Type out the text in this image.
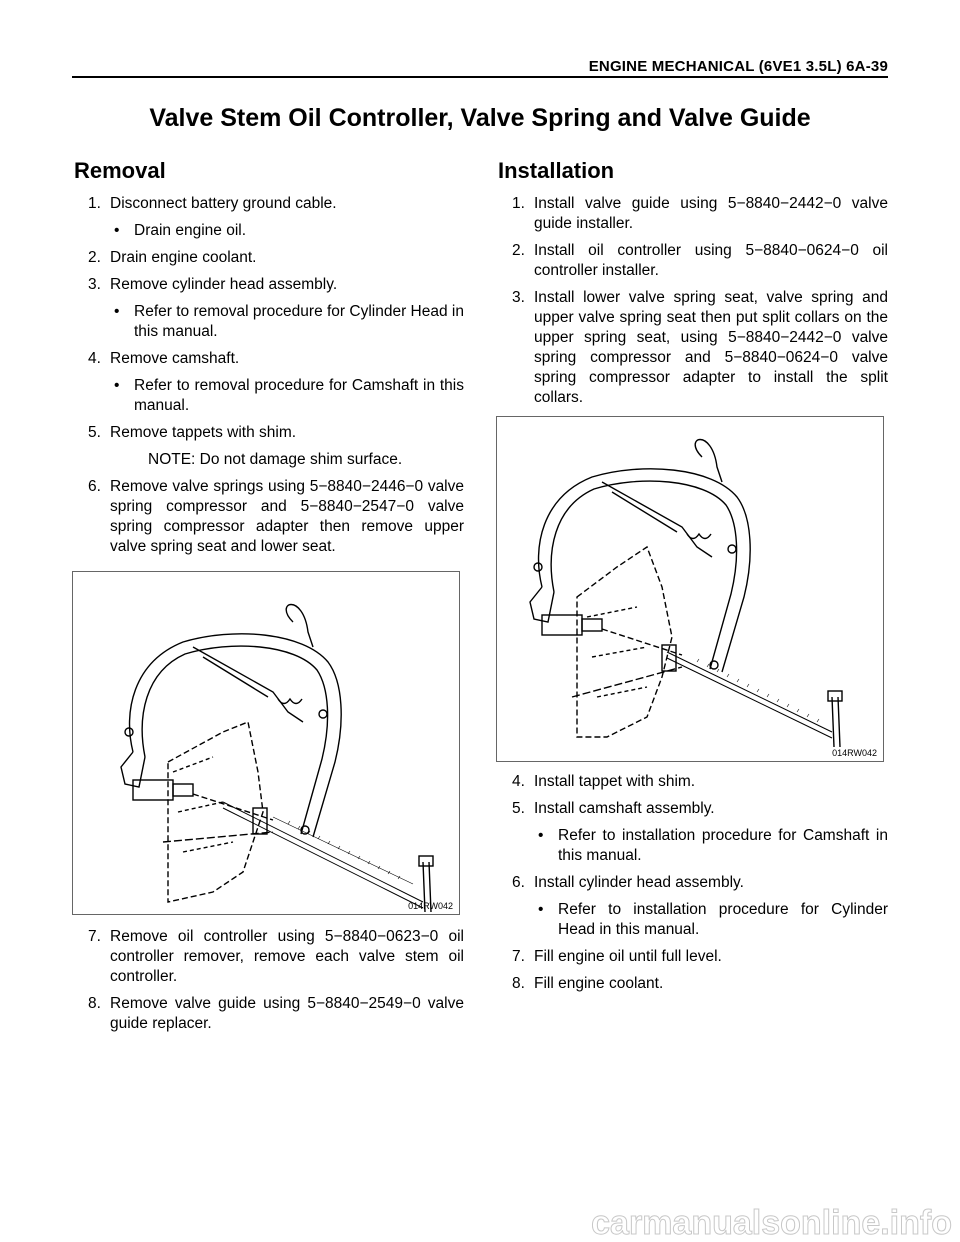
ENGINE MECHANICAL (6VE1 3.5L) 6A-39
Valve Stem Oil Controller, Valve Spring and Valve Guide
Removal
1. Disconnect battery ground cable.
• Drain engine oil.
2. Drain engine coolant.
3. Remove cylinder head assembly.
• Refer to removal procedure for Cylinder Head in this manual.
4. Remove camshaft.
• Refer to removal procedure for Camshaft in this manual.
5. Remove tappets with shim.
NOTE: Do not damage shim surface.
6. Remove valve springs using 5−8840−2446−0 valve spring compressor and 5−8840−2547−0 valve spring compressor adapter then remove upper valve spring seat and lower seat.
014RW042
7. Remove oil controller using 5−8840−0623−0 oil controller remover, remove each valve stem oil controller.
8. Remove valve guide using 5−8840−2549−0 valve guide replacer.
Installation
1. Install valve guide using 5−8840−2442−0 valve guide installer.
2. Install oil controller using 5−8840−0624−0 oil controller installer.
3. Install lower valve spring seat, valve spring and upper valve spring seat then put split collars on the upper spring seat, using 5−8840−2442−0 valve spring compressor and 5−8840−0624−0 valve spring compressor adapter to install the split collars.
014RW042
4. Install tappet with shim.
5. Install camshaft assembly.
• Refer to installation procedure for Camshaft in this manual.
6. Install cylinder head assembly.
• Refer to installation procedure for Cylinder Head in this manual.
7. Fill engine oil until full level.
8. Fill engine coolant.
carmanualsonline.info
